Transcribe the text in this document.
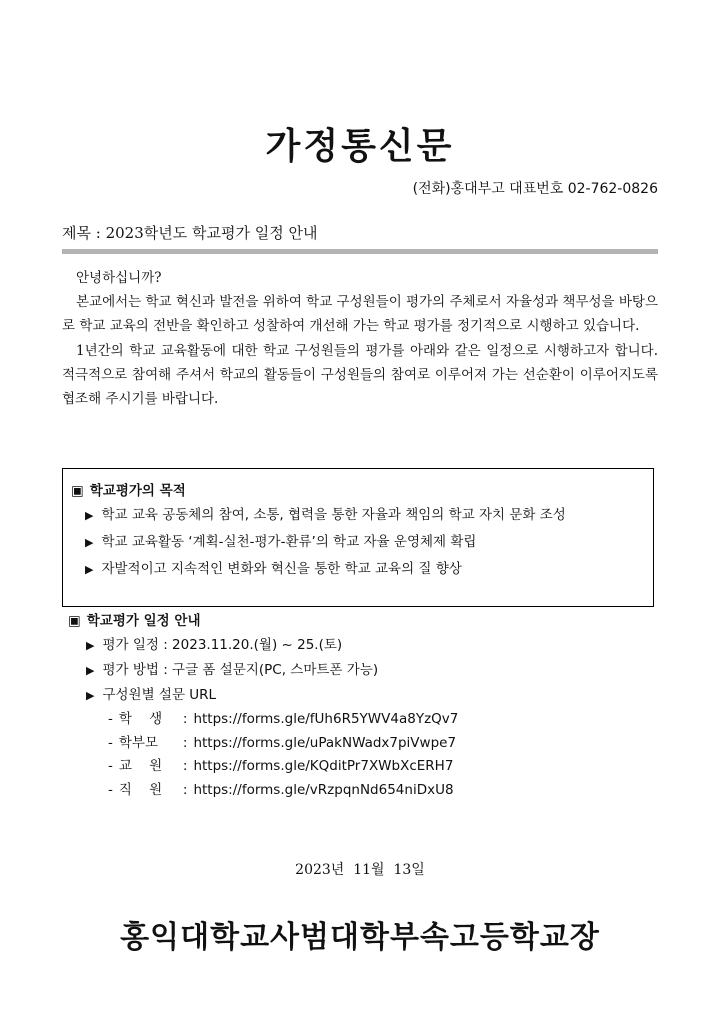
가정통신문
(전화)홍대부고 대표번호 02-762-0826
제목 : 2023학년도 학교평가 일정 안내

안녕하십니까?

본교에서는 학교 혁신과 발전을 위하여 학교 구성원들이 평가의 주체로서 자율성과 책무성을 바탕으로 학교 교육의 전반을 확인하고 성찰하여 개선해 가는 학교 평가를 정기적으로 시행하고 있습니다.

1년간의 학교 교육활동에 대한 학교 구성원들의 평가를 아래와 같은 일정으로 시행하고자 합니다. 적극적으로 참여해 주셔서 학교의 활동들이 구성원들의 참여로 이루어져 가는 선순환이 이루어지도록 협조해 주시기를 바랍니다.

▣ 학교평가의 목적
▶ 학교 교육 공동체의 참여, 소통, 협력을 통한 자율과 책임의 학교 자치 문화 조성
▶ 학교 교육활동 ‘계획-실천-평가-환류’의 학교 자율 운영체제 확립
▶ 자발적이고 지속적인 변화와 혁신을 통한 학교 교육의 질 향상
▣ 학교평가 일정 안내
▶ 평가 일정 : 2023.11.20.(월) ~ 25.(토)
▶ 평가 방법 : 구글 폼 설문지(PC, 스마트폰 가능)
▶ 구성원별 설문 URL
- 학    생 : https://forms.gle/fUh6R5YWV4a8YzQv7
- 학부모 : https://forms.gle/uPakNWadx7piVwpe7
- 교    원 : https://forms.gle/KQditPr7XWbXcERH7
- 직    원 : https://forms.gle/vRzpqnNd654niDxU8
2023년  11월  13일
홍익대학교사범대학부속고등학교장
